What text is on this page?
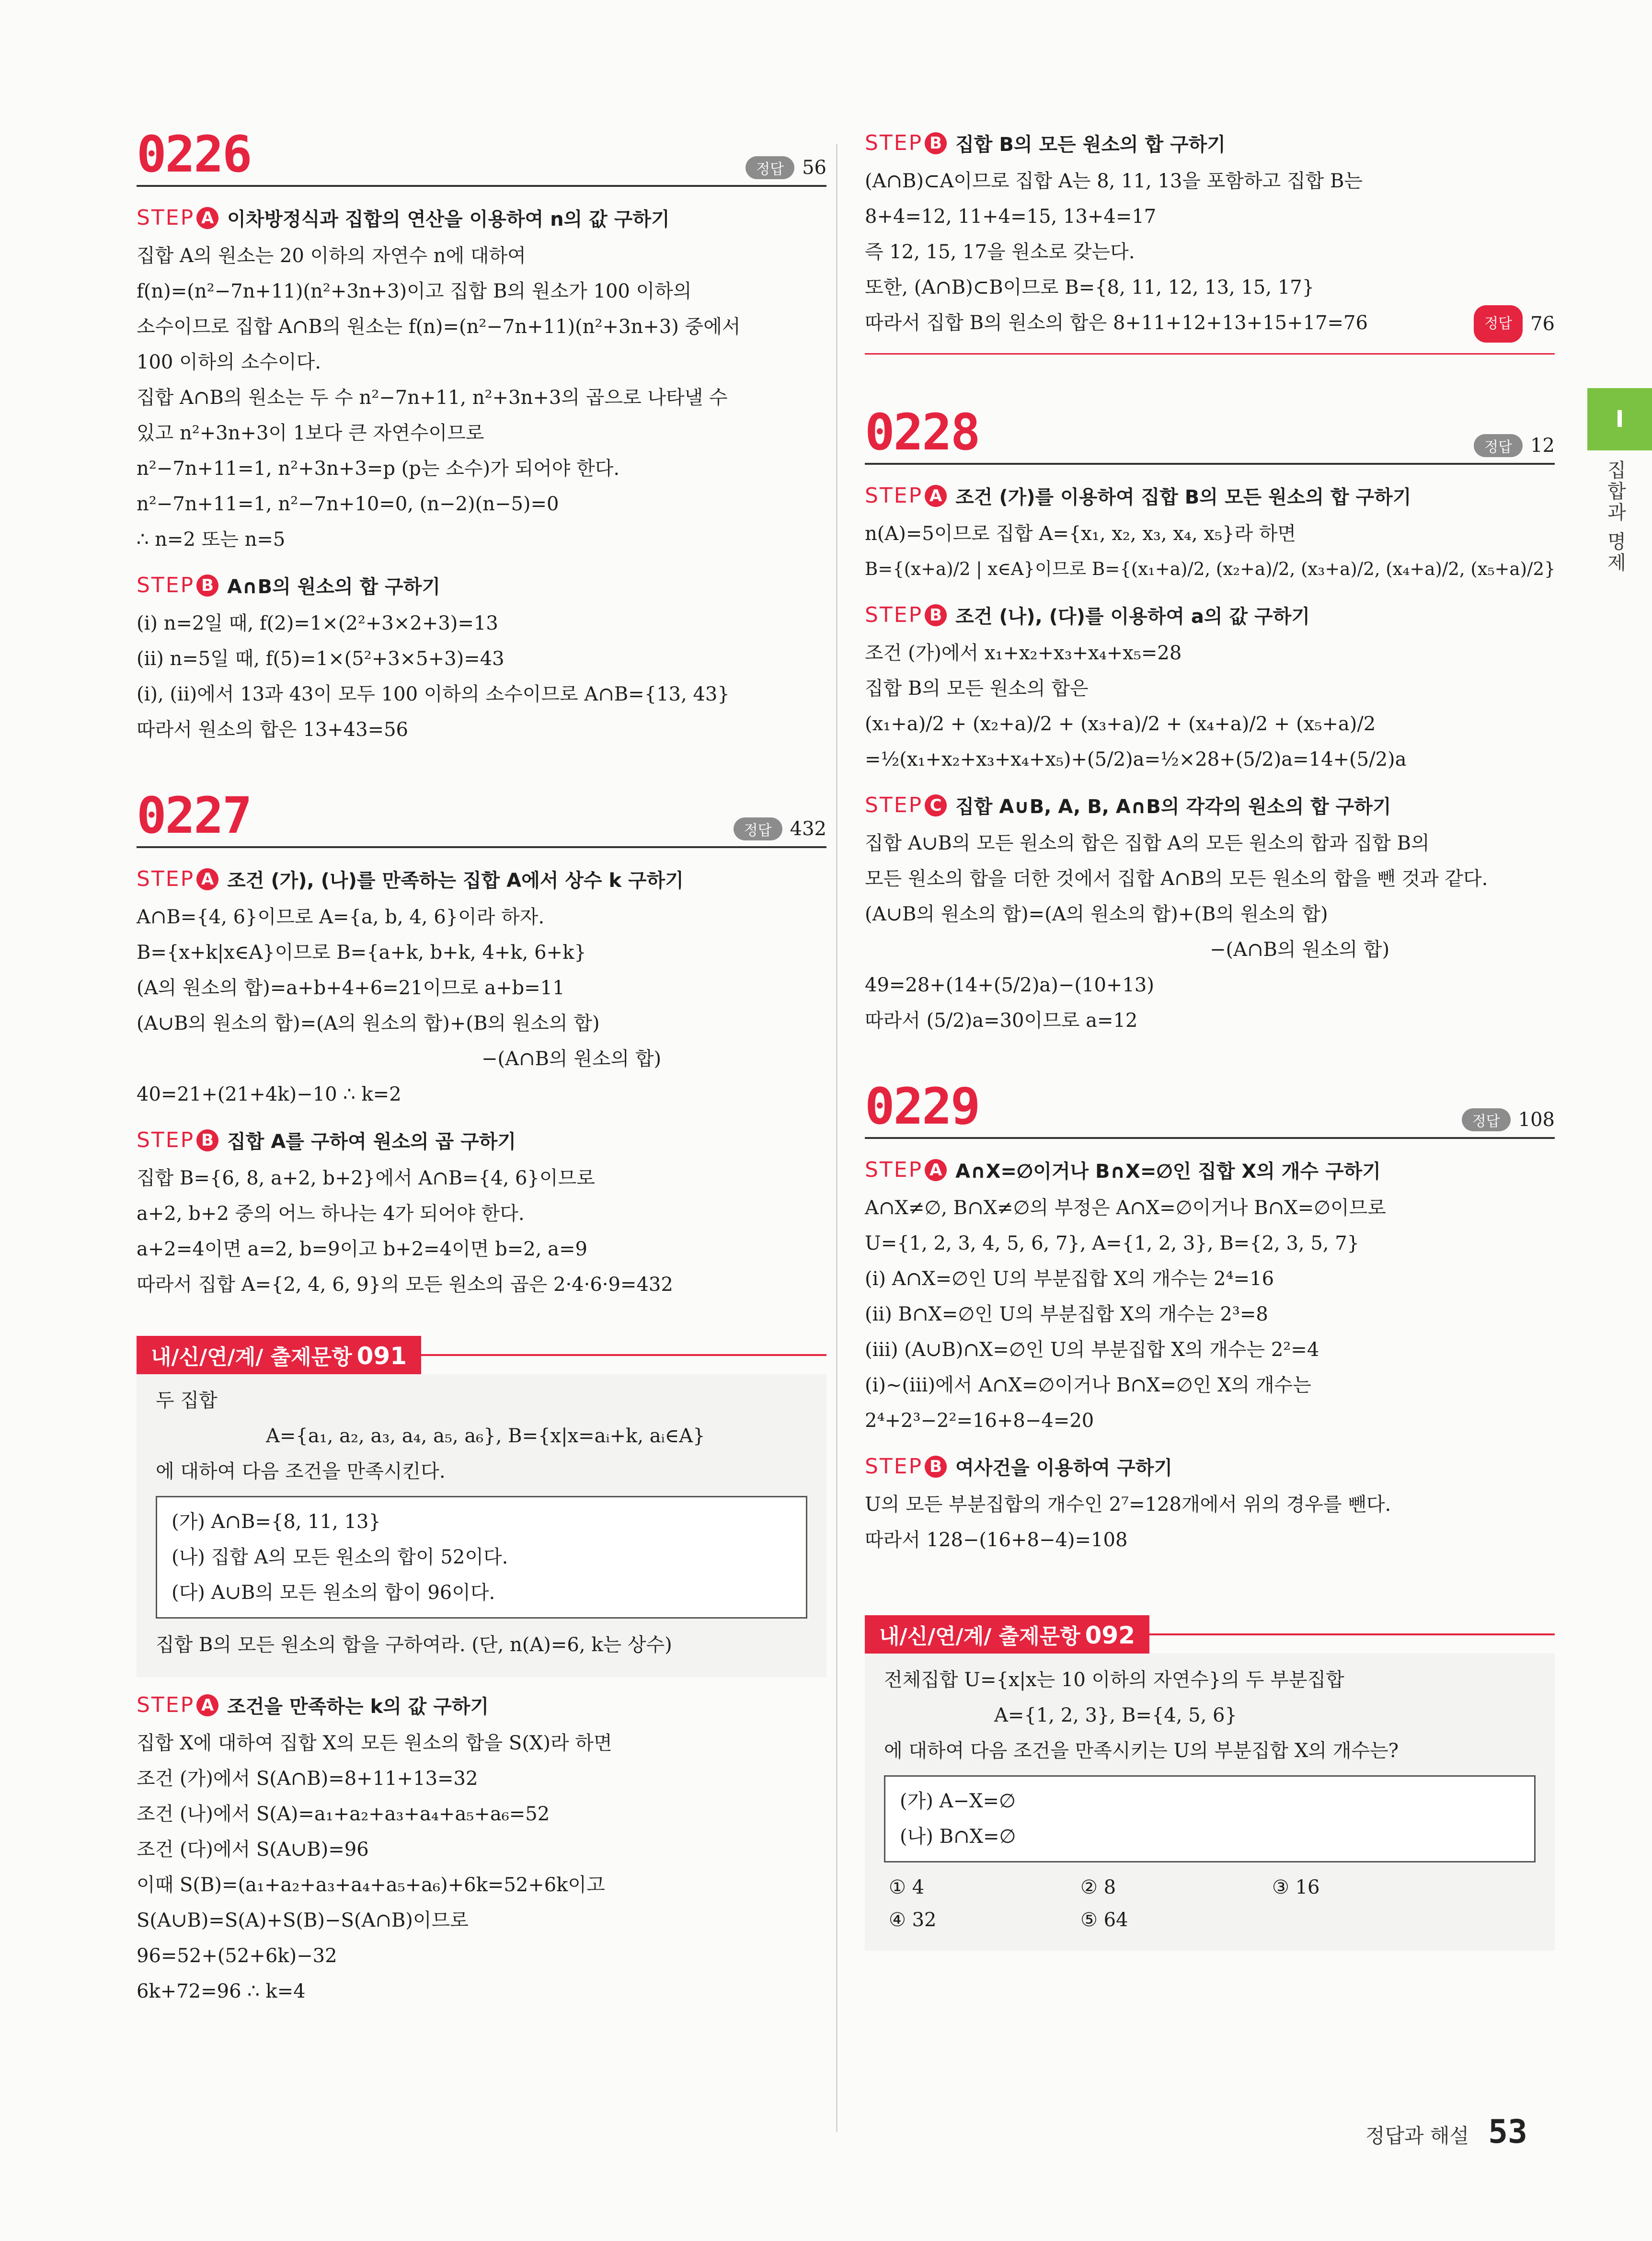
0226	정답 56
STEP A 이차방정식과 집합의 연산을 이용하여 n의 값 구하기
집합 A의 원소는 20 이하의 자연수 n에 대하여
f(n)=(n²−7n+11)(n²+3n+3)이고 집합 B의 원소가 100 이하의
소수이므로 집합 A∩B의 원소는 f(n)=(n²−7n+11)(n²+3n+3) 중에서
100 이하의 소수이다.
집합 A∩B의 원소는 두 수 n²−7n+11, n²+3n+3의 곱으로 나타낼 수
있고 n²+3n+3이 1보다 큰 자연수이므로
n²−7n+11=1, n²+3n+3=p (p는 소수)가 되어야 한다.
n²−7n+11=1, n²−7n+10=0, (n−2)(n−5)=0
∴ n=2 또는 n=5
STEP B A∩B의 원소의 합 구하기
(ⅰ) n=2일 때, f(2)=1×(2²+3×2+3)=13
(ⅱ) n=5일 때, f(5)=1×(5²+3×5+3)=43
(ⅰ), (ⅱ)에서 13과 43이 모두 100 이하의 소수이므로 A∩B={13, 43}
따라서 원소의 합은 13+43=56
0227	정답 432
STEP A 조건 (가), (나)를 만족하는 집합 A에서 상수 k 구하기
A∩B={4, 6}이므로 A={a, b, 4, 6}이라 하자.
B={x+k|x∈A}이므로 B={a+k, b+k, 4+k, 6+k}
(A의 원소의 합)=a+b+4+6=21이므로 a+b=11
(A∪B의 원소의 합)=(A의 원소의 합)+(B의 원소의 합)
−(A∩B의 원소의 합)
40=21+(21+4k)−10 ∴ k=2
STEP B 집합 A를 구하여 원소의 곱 구하기
집합 B={6, 8, a+2, b+2}에서 A∩B={4, 6}이므로
a+2, b+2 중의 어느 하나는 4가 되어야 한다.
a+2=4이면 a=2, b=9이고 b+2=4이면 b=2, a=9
따라서 집합 A={2, 4, 6, 9}의 모든 원소의 곱은 2·4·6·9=432
내/신/연/계/ 출제문항 091
두 집합
A={a₁, a₂, a₃, a₄, a₅, a₆}, B={x|x=aᵢ+k, aᵢ∈A}
에 대하여 다음 조건을 만족시킨다.
(가) A∩B={8, 11, 13}
(나) 집합 A의 모든 원소의 합이 52이다.
(다) A∪B의 모든 원소의 합이 96이다.
집합 B의 모든 원소의 합을 구하여라. (단, n(A)=6, k는 상수)
STEP A 조건을 만족하는 k의 값 구하기
집합 X에 대하여 집합 X의 모든 원소의 합을 S(X)라 하면
조건 (가)에서 S(A∩B)=8+11+13=32
조건 (나)에서 S(A)=a₁+a₂+a₃+a₄+a₅+a₆=52
조건 (다)에서 S(A∪B)=96
이때 S(B)=(a₁+a₂+a₃+a₄+a₅+a₆)+6k=52+6k이고
S(A∪B)=S(A)+S(B)−S(A∩B)이므로
96=52+(52+6k)−32
6k+72=96 ∴ k=4
STEP B 집합 B의 모든 원소의 합 구하기
(A∩B)⊂A이므로 집합 A는 8, 11, 13을 포함하고 집합 B는
8+4=12, 11+4=15, 13+4=17
즉 12, 15, 17을 원소로 갖는다.
또한, (A∩B)⊂B이므로 B={8, 11, 12, 13, 15, 17}
따라서 집합 B의 원소의 합은 8+11+12+13+15+17=76	정답 76
0228	정답 12
STEP A 조건 (가)를 이용하여 집합 B의 모든 원소의 합 구하기
n(A)=5이므로 집합 A={x₁, x₂, x₃, x₄, x₅}라 하면
B={(x+a)/2 | x∈A}이므로 B={(x₁+a)/2, (x₂+a)/2, (x₃+a)/2, (x₄+a)/2, (x₅+a)/2}
STEP B 조건 (나), (다)를 이용하여 a의 값 구하기
조건 (가)에서 x₁+x₂+x₃+x₄+x₅=28
집합 B의 모든 원소의 합은
(x₁+a)/2 + (x₂+a)/2 + (x₃+a)/2 + (x₄+a)/2 + (x₅+a)/2
=½(x₁+x₂+x₃+x₄+x₅)+(5/2)a=½×28+(5/2)a=14+(5/2)a
STEP C 집합 A∪B, A, B, A∩B의 각각의 원소의 합 구하기
집합 A∪B의 모든 원소의 합은 집합 A의 모든 원소의 합과 집합 B의
모든 원소의 합을 더한 것에서 집합 A∩B의 모든 원소의 합을 뺀 것과 같다.
(A∪B의 원소의 합)=(A의 원소의 합)+(B의 원소의 합)
−(A∩B의 원소의 합)
49=28+(14+(5/2)a)−(10+13)
따라서 (5/2)a=30이므로 a=12
0229	정답 108
STEP A A∩X=∅이거나 B∩X=∅인 집합 X의 개수 구하기
A∩X≠∅, B∩X≠∅의 부정은 A∩X=∅이거나 B∩X=∅이므로
U={1, 2, 3, 4, 5, 6, 7}, A={1, 2, 3}, B={2, 3, 5, 7}
(ⅰ) A∩X=∅인 U의 부분집합 X의 개수는 2⁴=16
(ⅱ) B∩X=∅인 U의 부분집합 X의 개수는 2³=8
(ⅲ) (A∪B)∩X=∅인 U의 부분집합 X의 개수는 2²=4
(ⅰ)~(ⅲ)에서 A∩X=∅이거나 B∩X=∅인 X의 개수는
2⁴+2³−2²=16+8−4=20
STEP B 여사건을 이용하여 구하기
U의 모든 부분집합의 개수인 2⁷=128개에서 위의 경우를 뺀다.
따라서 128−(16+8−4)=108
내/신/연/계/ 출제문항 092
전체집합 U={x|x는 10 이하의 자연수}의 두 부분집합
A={1, 2, 3}, B={4, 5, 6}
에 대하여 다음 조건을 만족시키는 U의 부분집합 X의 개수는?
(가) A−X=∅
(나) B∩X=∅
① 4	② 8	③ 16
④ 32	⑤ 64
I
집합과 명제
정답과 해설 53
